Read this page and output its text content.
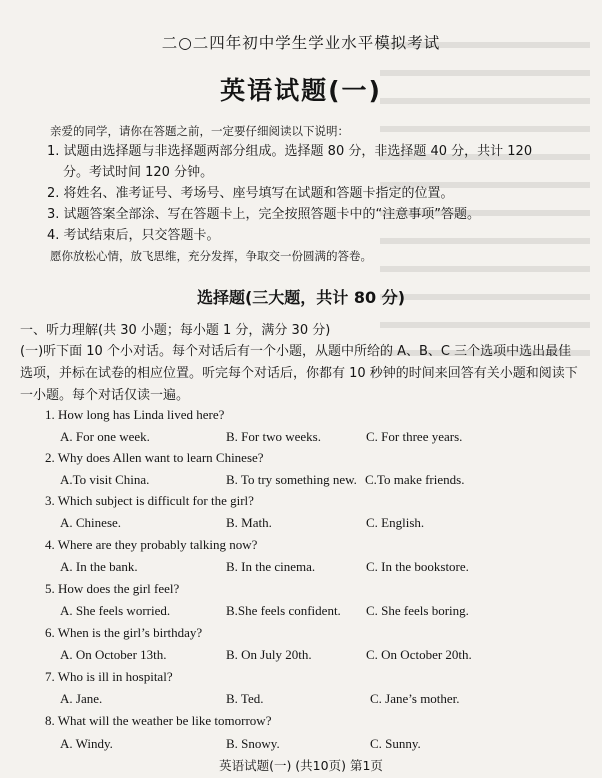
二○二四年初中学生学业水平模拟考试
英语试题(一)
亲爱的同学，请你在答题之前，一定要仔细阅读以下说明：
1. 试题由选择题与非选择题两部分组成。选择题 80 分，非选择题 40 分，共计 120
分。考试时间 120 分钟。
2. 将姓名、准考证号、考场号、座号填写在试题和答题卡指定的位置。
3. 试题答案全部涂、写在答题卡上，完全按照答题卡中的“注意事项”答题。
4. 考试结束后，只交答题卡。
愿你放松心情，放飞思维，充分发挥，争取交一份圆满的答卷。
选择题(三大题，共计 80 分)
一、听力理解(共 30 小题；每小题 1 分，满分 30 分)
(一)听下面 10 个小对话。每个对话后有一个小题，从题中所给的 A、B、C 三个选项中选出最佳选项，并标在试卷的相应位置。听完每个对话后，你都有 10 秒钟的时间来回答有关小题和阅读下一小题。每个对话仅读一遍。
1. How long has Linda lived here?
A. For one week.	B. For two weeks.	C. For three years.
2. Why does Allen want to learn Chinese?
A.To visit China.	B. To try something new. C.To make friends.
3. Which subject is difficult for the girl?
A. Chinese.	B. Math.	C. English.
4. Where are they probably talking now?
A. In the bank.	B. In the cinema.	C. In the bookstore.
5. How does the girl feel?
A. She feels worried.	B.She feels confident. C. She feels boring.
6. When is the girl’s birthday?
A. On October 13th.	B. On July 20th.	C. On October 20th.
7. Who is ill in hospital?
A. Jane.	B. Ted.	C. Jane’s mother.
8. What will the weather be like tomorrow?
A. Windy.	B. Snowy.	C. Sunny.
英语试题(一) (共10页) 第1页
